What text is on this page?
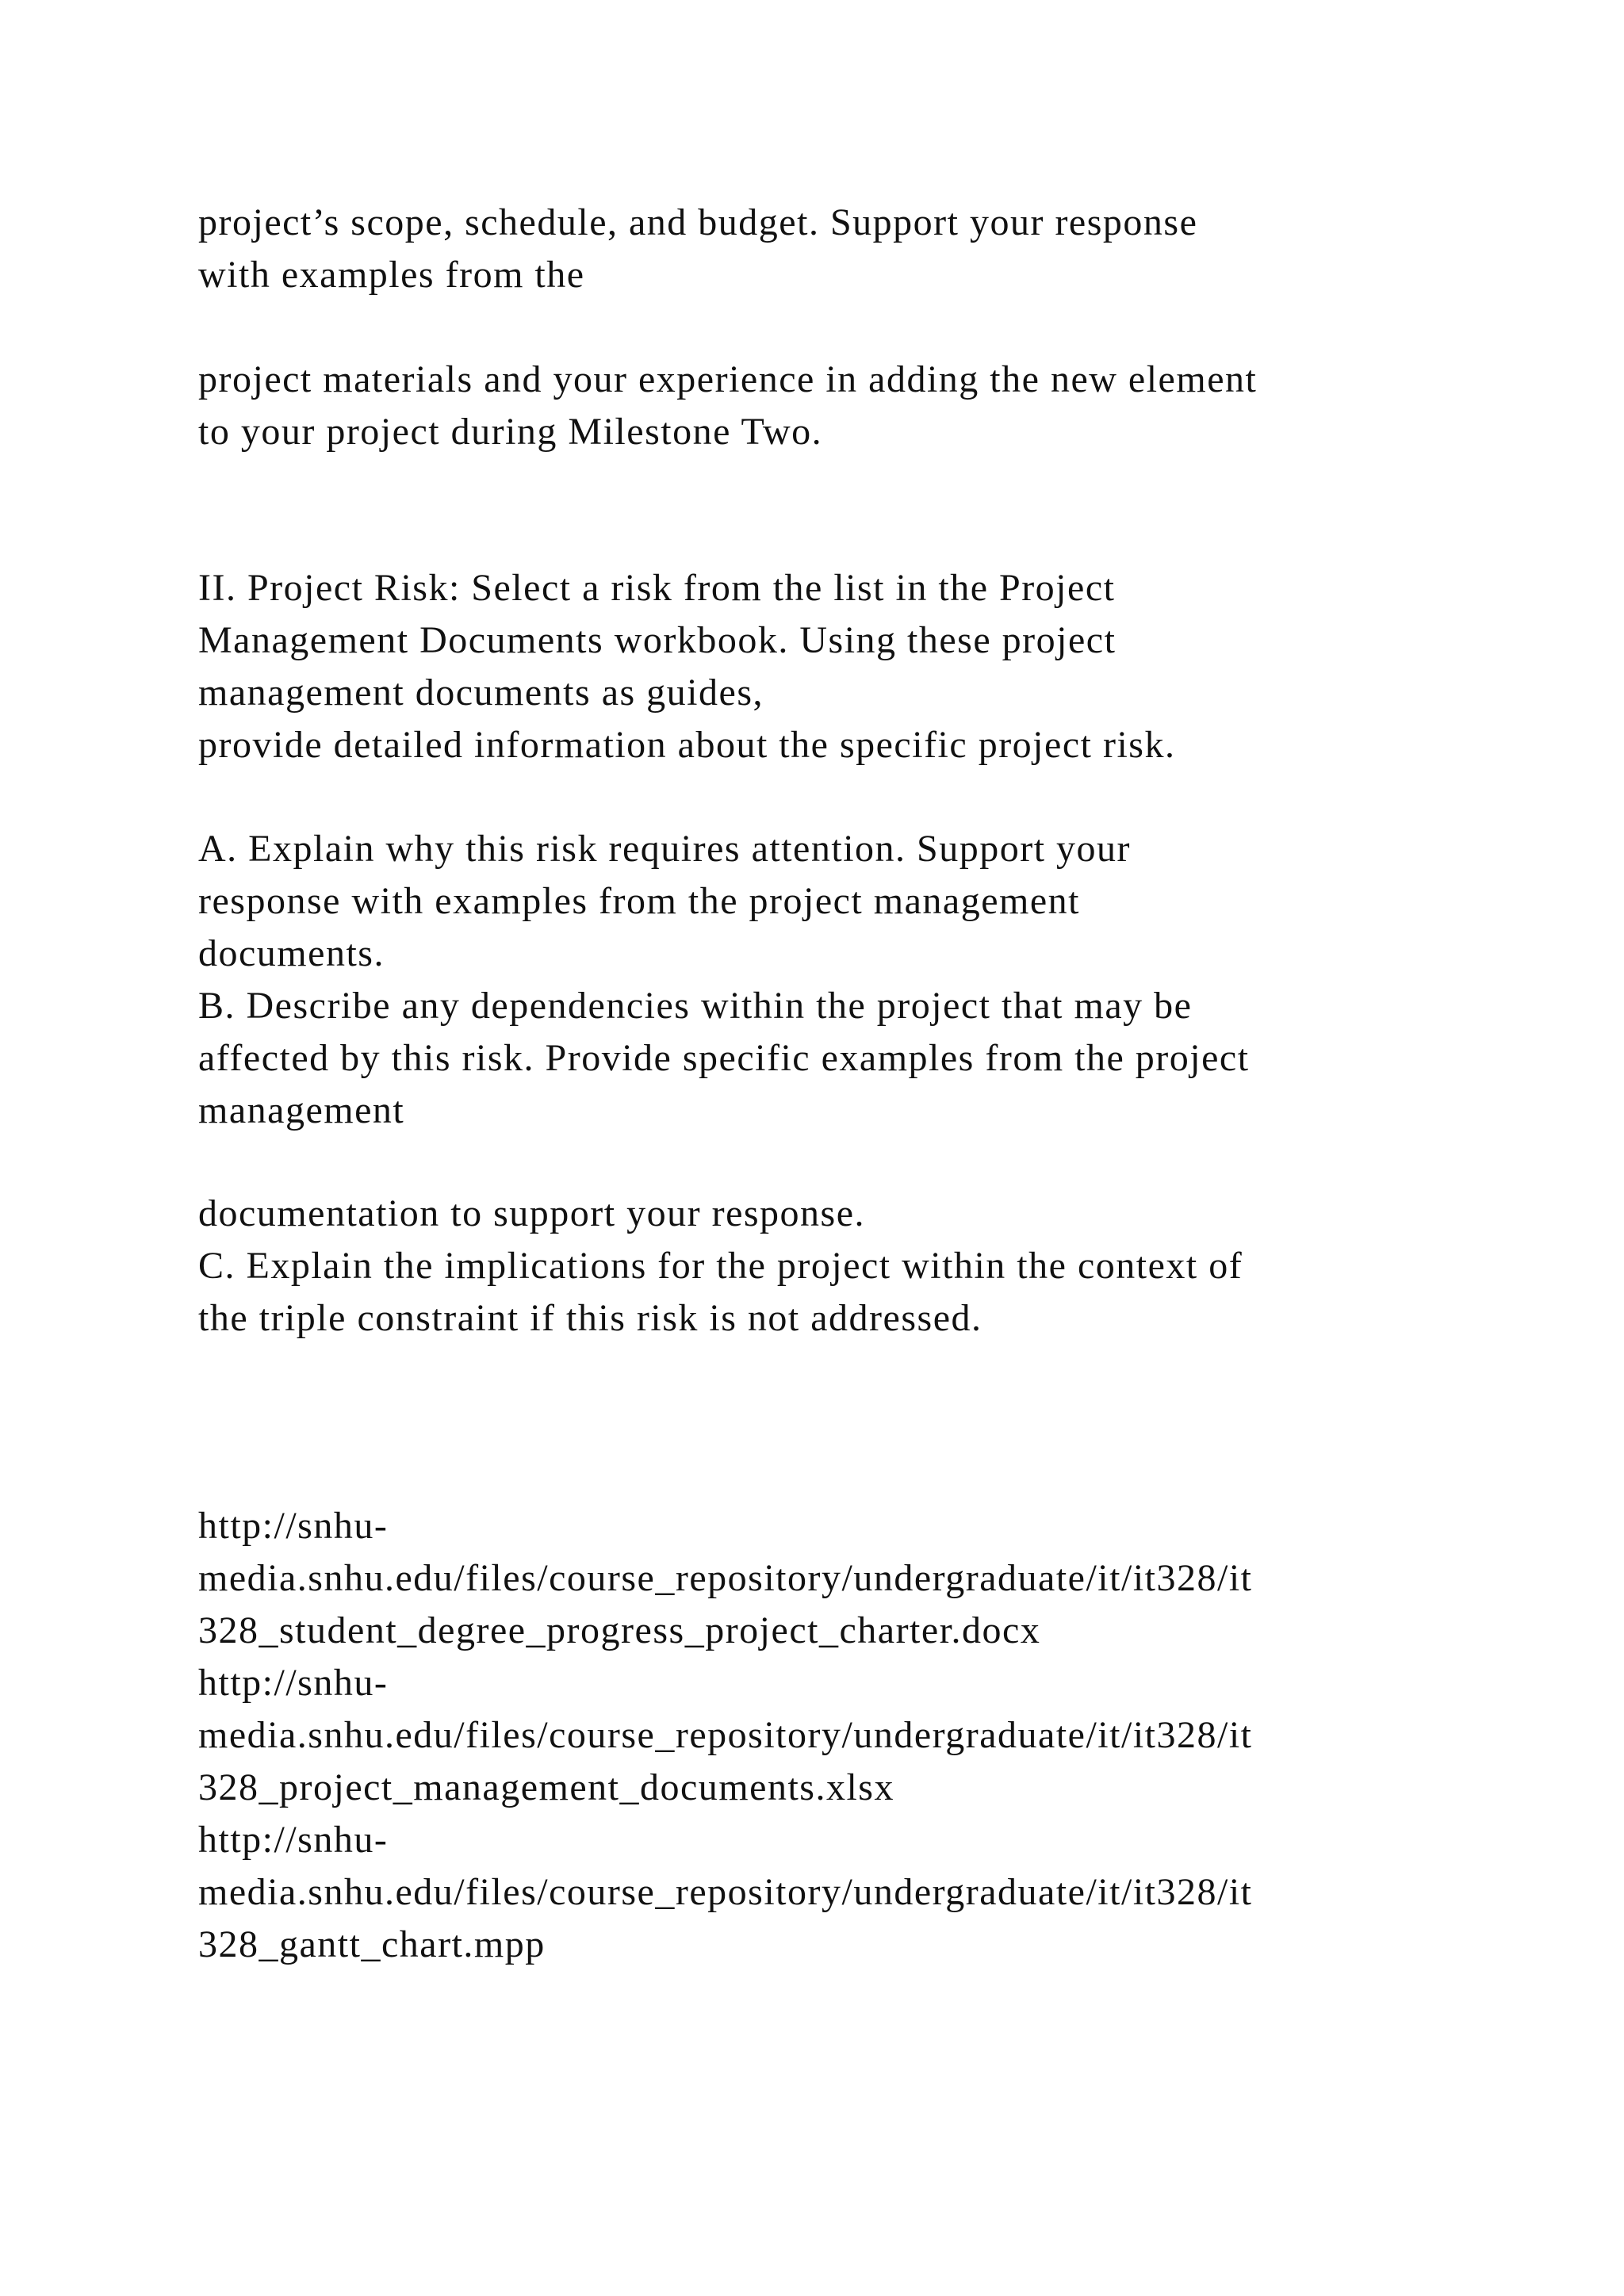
project’s scope, schedule, and budget. Support your response
with examples from the

project materials and your experience in adding the new element
to your project during Milestone Two.

II. Project Risk: Select a risk from the list in the Project
Management Documents workbook. Using these project
management documents as guides,
provide detailed information about the specific project risk.

A. Explain why this risk requires attention. Support your
response with examples from the project management
documents.
B. Describe any dependencies within the project that may be
affected by this risk. Provide specific examples from the project
management

documentation to support your response.
C. Explain the implications for the project within the context of
the triple constraint if this risk is not addressed.

http://snhu-
media.snhu.edu/files/course_repository/undergraduate/it/it328/it
328_student_degree_progress_project_charter.docx
http://snhu-
media.snhu.edu/files/course_repository/undergraduate/it/it328/it
328_project_management_documents.xlsx
http://snhu-
media.snhu.edu/files/course_repository/undergraduate/it/it328/it
328_gantt_chart.mpp
